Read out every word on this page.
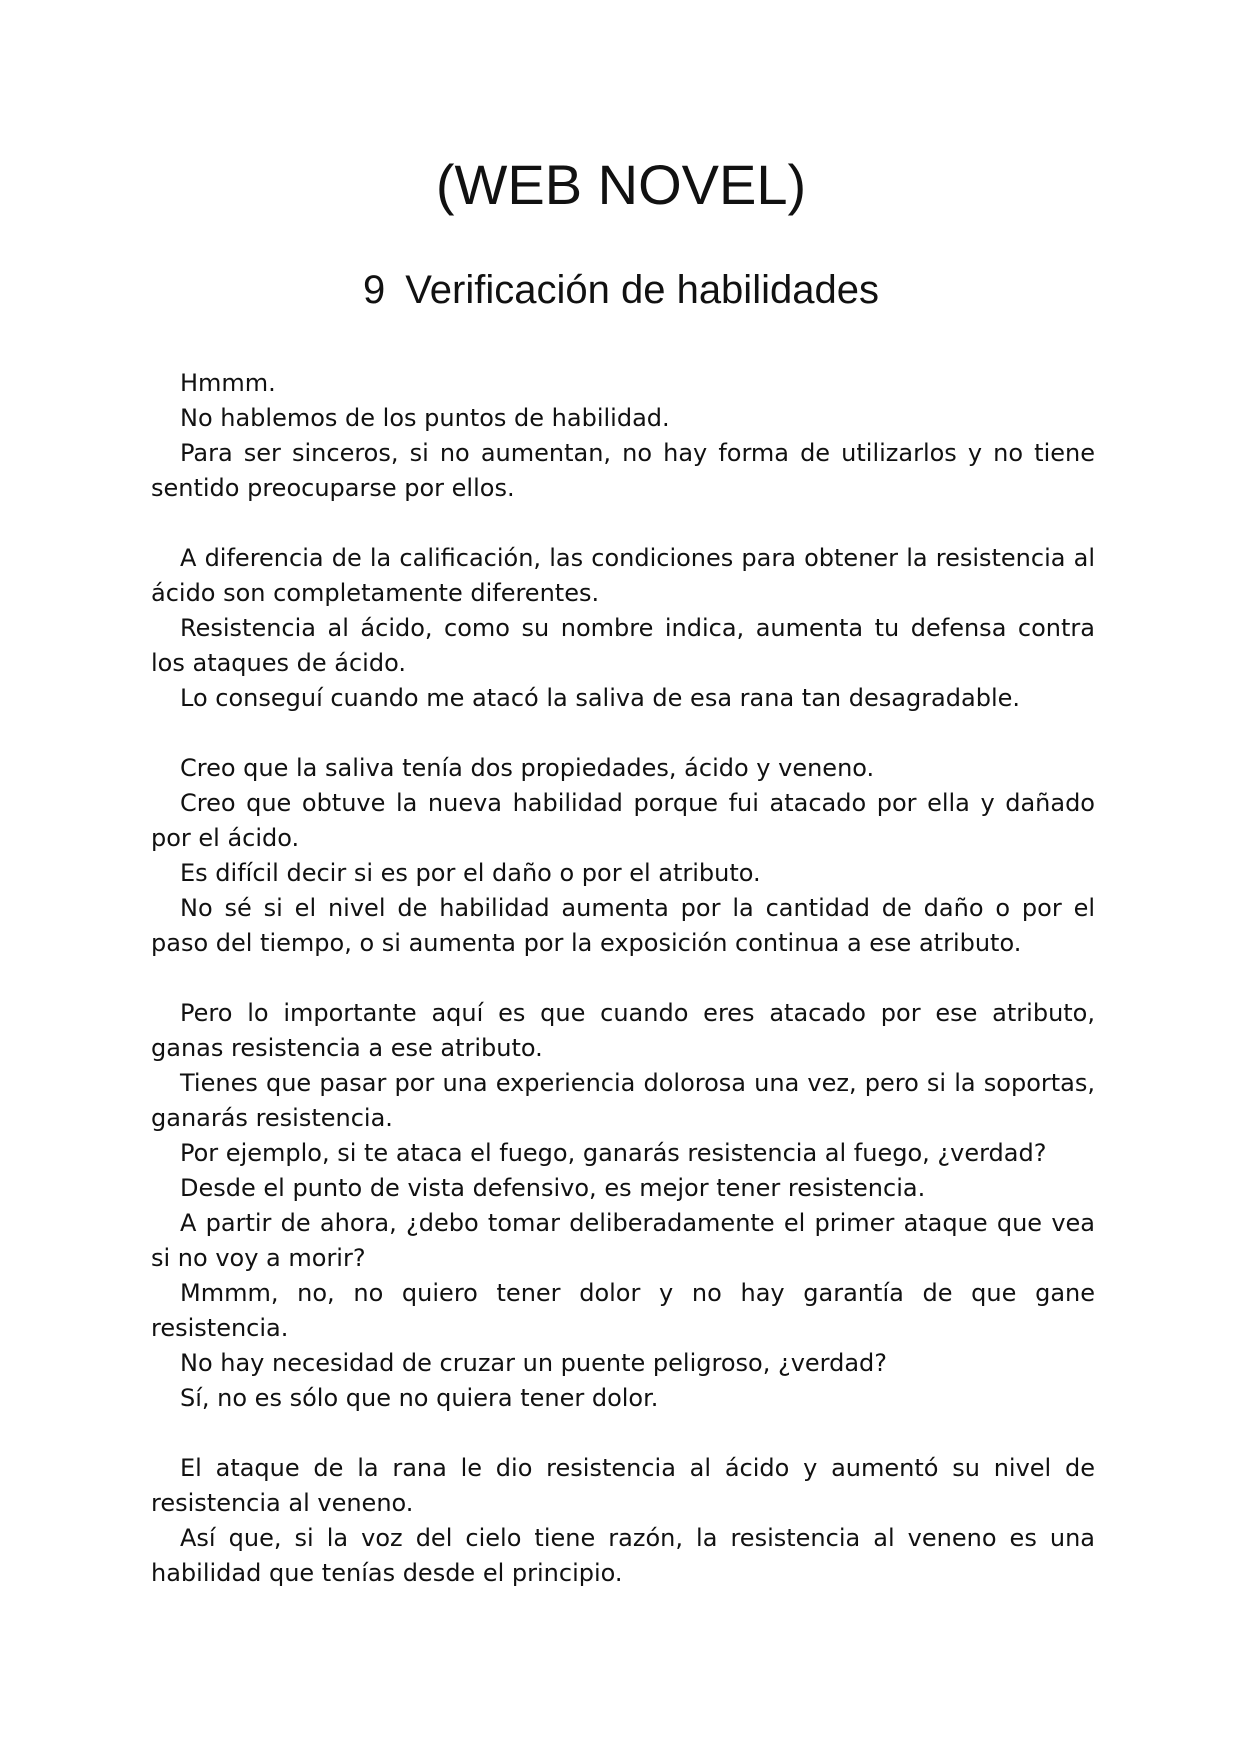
(WEB NOVEL)
9 Verificación de habilidades

Hmmm.

No hablemos de los puntos de habilidad.

Para ser sinceros, si no aumentan, no hay forma de utilizarlos y no tiene sentido preocuparse por ellos.

A diferencia de la calificación, las condiciones para obtener la resistencia al ácido son completamente diferentes.

Resistencia al ácido, como su nombre indica, aumenta tu defensa contra los ataques de ácido.

Lo conseguí cuando me atacó la saliva de esa rana tan desagradable.

Creo que la saliva tenía dos propiedades, ácido y veneno.

Creo que obtuve la nueva habilidad porque fui atacado por ella y dañado por el ácido.

Es difícil decir si es por el daño o por el atributo.

No sé si el nivel de habilidad aumenta por la cantidad de daño o por el paso del tiempo, o si aumenta por la exposición continua a ese atributo.

Pero lo importante aquí es que cuando eres atacado por ese atributo, ganas resistencia a ese atributo.

Tienes que pasar por una experiencia dolorosa una vez, pero si la soportas, ganarás resistencia.

Por ejemplo, si te ataca el fuego, ganarás resistencia al fuego, ¿verdad?

Desde el punto de vista defensivo, es mejor tener resistencia.

A partir de ahora, ¿debo tomar deliberadamente el primer ataque que vea si no voy a morir?

Mmmm, no, no quiero tener dolor y no hay garantía de que gane resistencia.

No hay necesidad de cruzar un puente peligroso, ¿verdad?

Sí, no es sólo que no quiera tener dolor.

El ataque de la rana le dio resistencia al ácido y aumentó su nivel de resistencia al veneno.

Así que, si la voz del cielo tiene razón, la resistencia al veneno es una habilidad que tenías desde el principio.
